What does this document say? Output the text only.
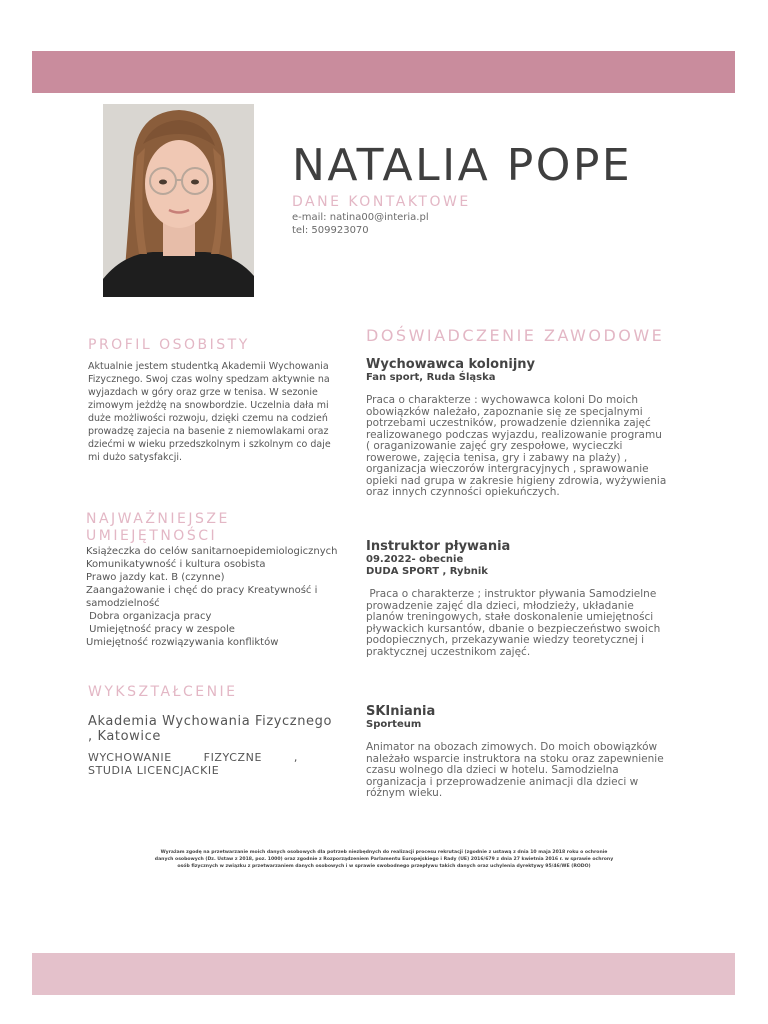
NATALIA POPE
DANE KONTAKTOWE
e-mail: natina00@interia.pl
tel: 509923070
PROFIL OSOBISTY

Aktualnie jestem studentką Akademii Wychowania
Fizycznego. Swoj czas wolny spedzam aktywnie na
wyjazdach w góry oraz grze w tenisa. W sezonie
zimowym jeżdżę na snowbordzie. Uczelnia dała mi
duże możliwości rozwoju, dzięki czemu na codzień
prowadzę zajecia na basenie z niemowlakami oraz
dziećmi w wieku przedszkolnym i szkolnym co daje
mi dużo satysfakcji.

NAJWAŻNIEJSZE
UMIEJĘTNOŚCI
Książeczka do celów sanitarnoepidemiologicznych
Komunikatywność i kultura osobista
Prawo jazdy kat. B (czynne)
Zaangażowanie i chęć do pracy Kreatywność i
samodzielność
Dobra organizacja pracy
Umiejętność pracy w zespole
Umiejętność rozwiązywania konfliktów
WYKSZTAŁCENIE

Akademia Wychowania Fizycznego
, Katowice

WYCHOWANIE	FIZYCZNE	,
STUDIA LICENCJACKIE

DOŚWIADCZENIE ZAWODOWE

Wychowawca kolonijny

Fan sport, Ruda Śląska

Praca o charakterze : wychowawca koloni Do moich
obowiązków należało, zapoznanie się ze specjalnymi
potrzebami uczestników, prowadzenie dziennika zajęć
realizowanego podczas wyjazdu, realizowanie programu
( oraganizowanie zajęć gry zespołowe, wycieczki
rowerowe, zajęcia tenisa, gry i zabawy na plaży) ,
organizacja wieczorów intergracyjnych , sprawowanie
opieki nad grupa w zakresie higieny zdrowia, wyżywienia
oraz innych czynności opiekuńczych.

Instruktor pływania

09.2022- obecnie

DUDA SPORT , Rybnik

Praca o charakterze ; instruktor pływania Samodzielne
prowadzenie zajęć dla dzieci, młodzieży, układanie
planów treningowych, stałe doskonalenie umiejętności
pływackich kursantów, dbanie o bezpieczeństwo swoich
podopiecznych, przekazywanie wiedzy teoretycznej i
praktycznej uczestnikom zajęć.

SKIniania

Sporteum

Animator na obozach zimowych. Do moich obowiązków
należało wsparcie instruktora na stoku oraz zapewnienie
czasu wolnego dla dzieci w hotelu. Samodzielna
organizacja i przeprowadzenie animacji dla dzieci w
różnym wieku.

Wyrażam zgodę na przetwarzanie moich danych osobowych dla potrzeb niezbędnych do realizacji procesu rekrutacji (zgodnie z ustawą z dnia 10 maja 2018 roku o ochronie
danych osobowych (Dz. Ustaw z 2018, poz. 1000) oraz zgodnie z Rozporządzeniem Parlamentu Europejskiego i Rady (UE) 2016/679 z dnia 27 kwietnia 2016 r. w sprawie ochrony
osób fizycznych w związku z przetwarzaniem danych osobowych i w sprawie swobodnego przepływu takich danych oraz uchylenia dyrektywy 95/46/WE (RODO)
